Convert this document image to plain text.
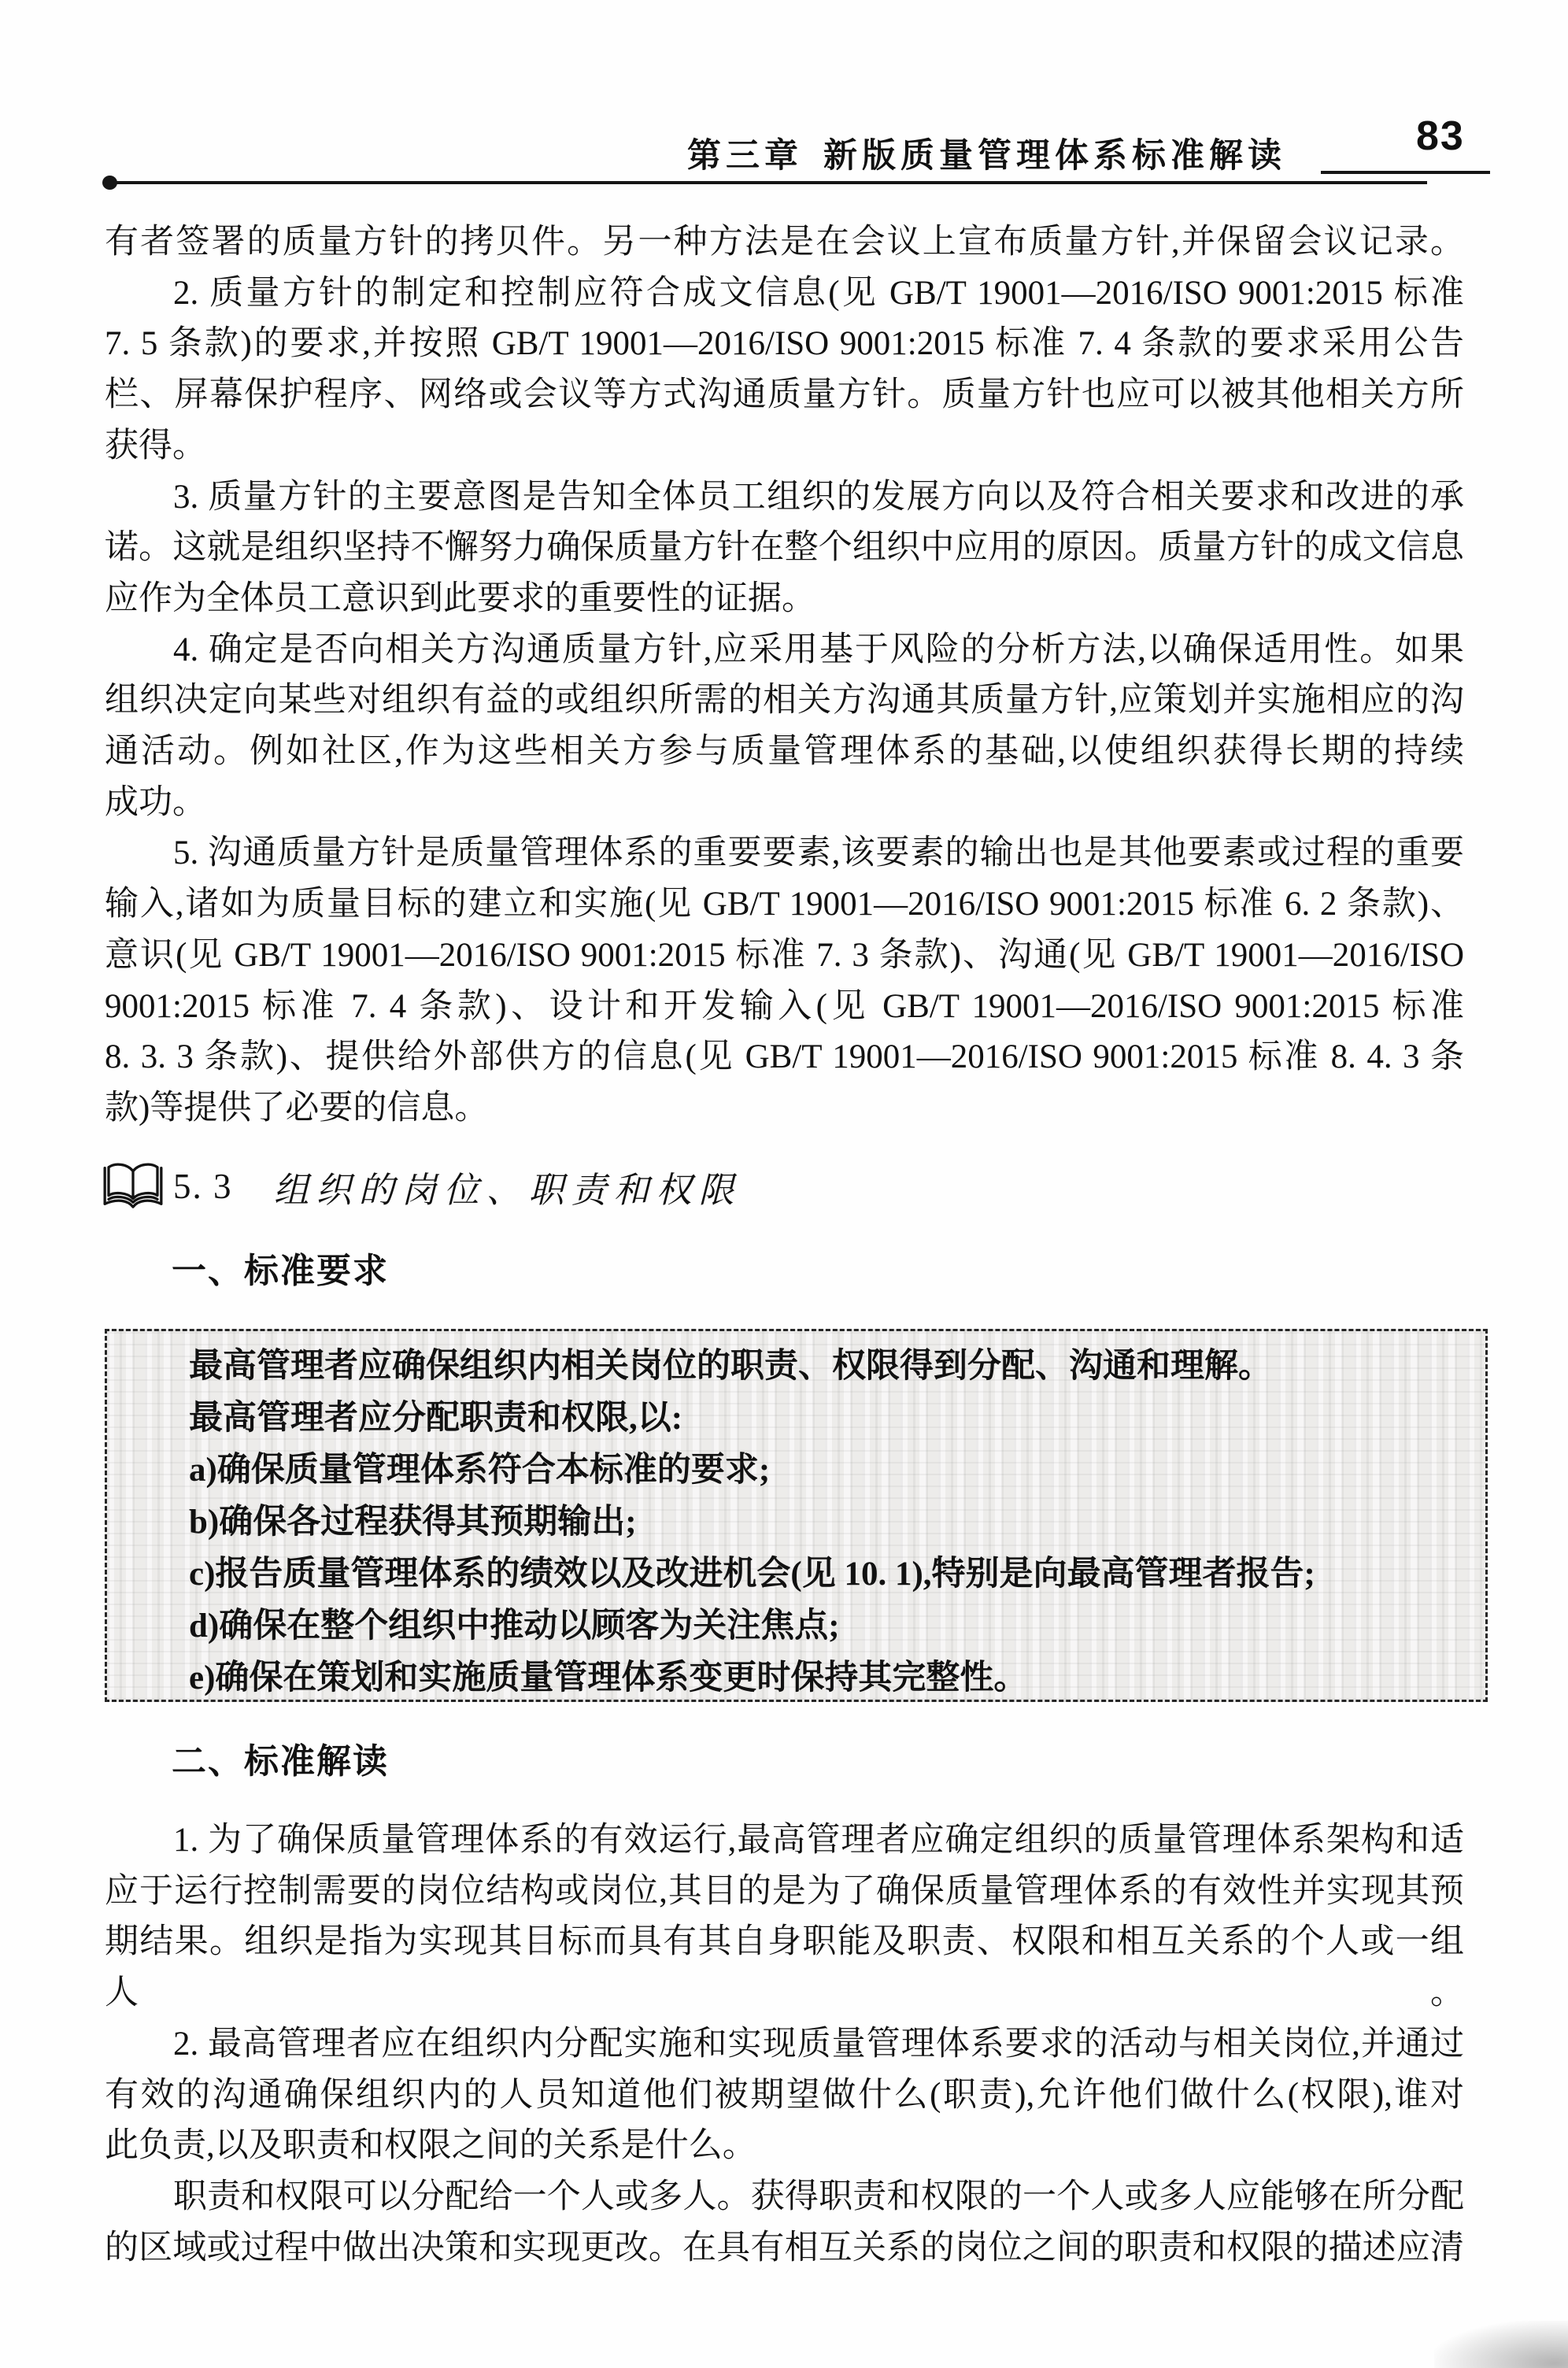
第三章 新版质量管理体系标准解读	83
有者签署的质量方针的拷贝件。另一种方法是在会议上宣布质量方针,并保留会议记录。
2. 质量方针的制定和控制应符合成文信息(见 GB/T 19001—2016/ISO 9001:2015 标准
7. 5 条款)的要求,并按照 GB/T 19001—2016/ISO 9001:2015 标准 7. 4 条款的要求采用公告
栏、屏幕保护程序、网络或会议等方式沟通质量方针。质量方针也应可以被其他相关方所
获得。
3. 质量方针的主要意图是告知全体员工组织的发展方向以及符合相关要求和改进的承
诺。这就是组织坚持不懈努力确保质量方针在整个组织中应用的原因。质量方针的成文信息
应作为全体员工意识到此要求的重要性的证据。
4. 确定是否向相关方沟通质量方针,应采用基于风险的分析方法,以确保适用性。如果
组织决定向某些对组织有益的或组织所需的相关方沟通其质量方针,应策划并实施相应的沟
通活动。例如社区,作为这些相关方参与质量管理体系的基础,以使组织获得长期的持续
成功。
5. 沟通质量方针是质量管理体系的重要要素,该要素的输出也是其他要素或过程的重要
输入,诸如为质量目标的建立和实施(见 GB/T 19001—2016/ISO 9001:2015 标准 6. 2 条款)、
意识(见 GB/T 19001—2016/ISO 9001:2015 标准 7. 3 条款)、沟通(见 GB/T 19001—2016/ISO
9001:2015 标准 7. 4 条款)、设计和开发输入(见 GB/T 19001—2016/ISO 9001:2015 标准
8. 3. 3 条款)、提供给外部供方的信息(见 GB/T 19001—2016/ISO 9001:2015 标准 8. 4. 3 条
款)等提供了必要的信息。
5. 3 组织的岗位、职责和权限
一、标准要求
最高管理者应确保组织内相关岗位的职责、权限得到分配、沟通和理解。
最高管理者应分配职责和权限,以:
a)确保质量管理体系符合本标准的要求;
b)确保各过程获得其预期输出;
c)报告质量管理体系的绩效以及改进机会(见 10. 1),特别是向最高管理者报告;
d)确保在整个组织中推动以顾客为关注焦点;
e)确保在策划和实施质量管理体系变更时保持其完整性。
二、标准解读
1. 为了确保质量管理体系的有效运行,最高管理者应确定组织的质量管理体系架构和适
应于运行控制需要的岗位结构或岗位,其目的是为了确保质量管理体系的有效性并实现其预
期结果。组织是指为实现其目标而具有其自身职能及职责、权限和相互关系的个人或一组人。
2. 最高管理者应在组织内分配实施和实现质量管理体系要求的活动与相关岗位,并通过
有效的沟通确保组织内的人员知道他们被期望做什么(职责),允许他们做什么(权限),谁对
此负责,以及职责和权限之间的关系是什么。
职责和权限可以分配给一个人或多人。获得职责和权限的一个人或多人应能够在所分配
的区域或过程中做出决策和实现更改。在具有相互关系的岗位之间的职责和权限的描述应清
